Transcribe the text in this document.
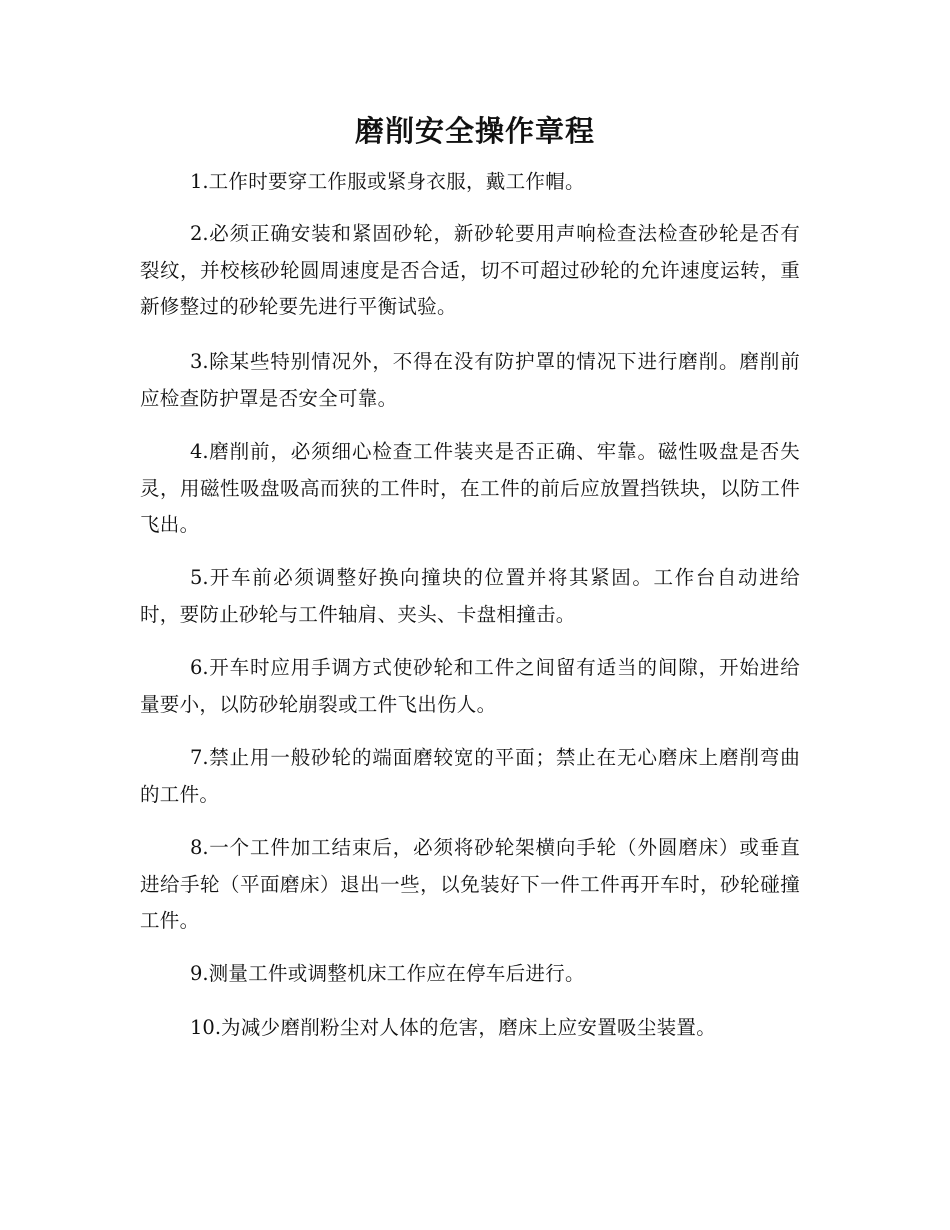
磨削安全操作章程

1.工作时要穿工作服或紧身衣服，戴工作帽。

2.必须正确安装和紧固砂轮，新砂轮要用声响检查法检查砂轮是否有裂纹，并校核砂轮圆周速度是否合适，切不可超过砂轮的允许速度运转，重新修整过的砂轮要先进行平衡试验。

3.除某些特别情况外，不得在没有防护罩的情况下进行磨削。磨削前应检查防护罩是否安全可靠。

4.磨削前，必须细心检查工件装夹是否正确、牢靠。磁性吸盘是否失灵，用磁性吸盘吸高而狭的工件时，在工件的前后应放置挡铁块，以防工件飞出。

5.开车前必须调整好换向撞块的位置并将其紧固。工作台自动进给时，要防止砂轮与工件轴肩、夹头、卡盘相撞击。

6.开车时应用手调方式使砂轮和工件之间留有适当的间隙，开始进给量要小，以防砂轮崩裂或工件飞出伤人。

7.禁止用一般砂轮的端面磨较宽的平面；禁止在无心磨床上磨削弯曲的工件。

8.一个工件加工结束后，必须将砂轮架横向手轮（外圆磨床）或垂直进给手轮（平面磨床）退出一些，以免装好下一件工件再开车时，砂轮碰撞工件。

9.测量工件或调整机床工作应在停车后进行。

10.为减少磨削粉尘对人体的危害，磨床上应安置吸尘装置。
